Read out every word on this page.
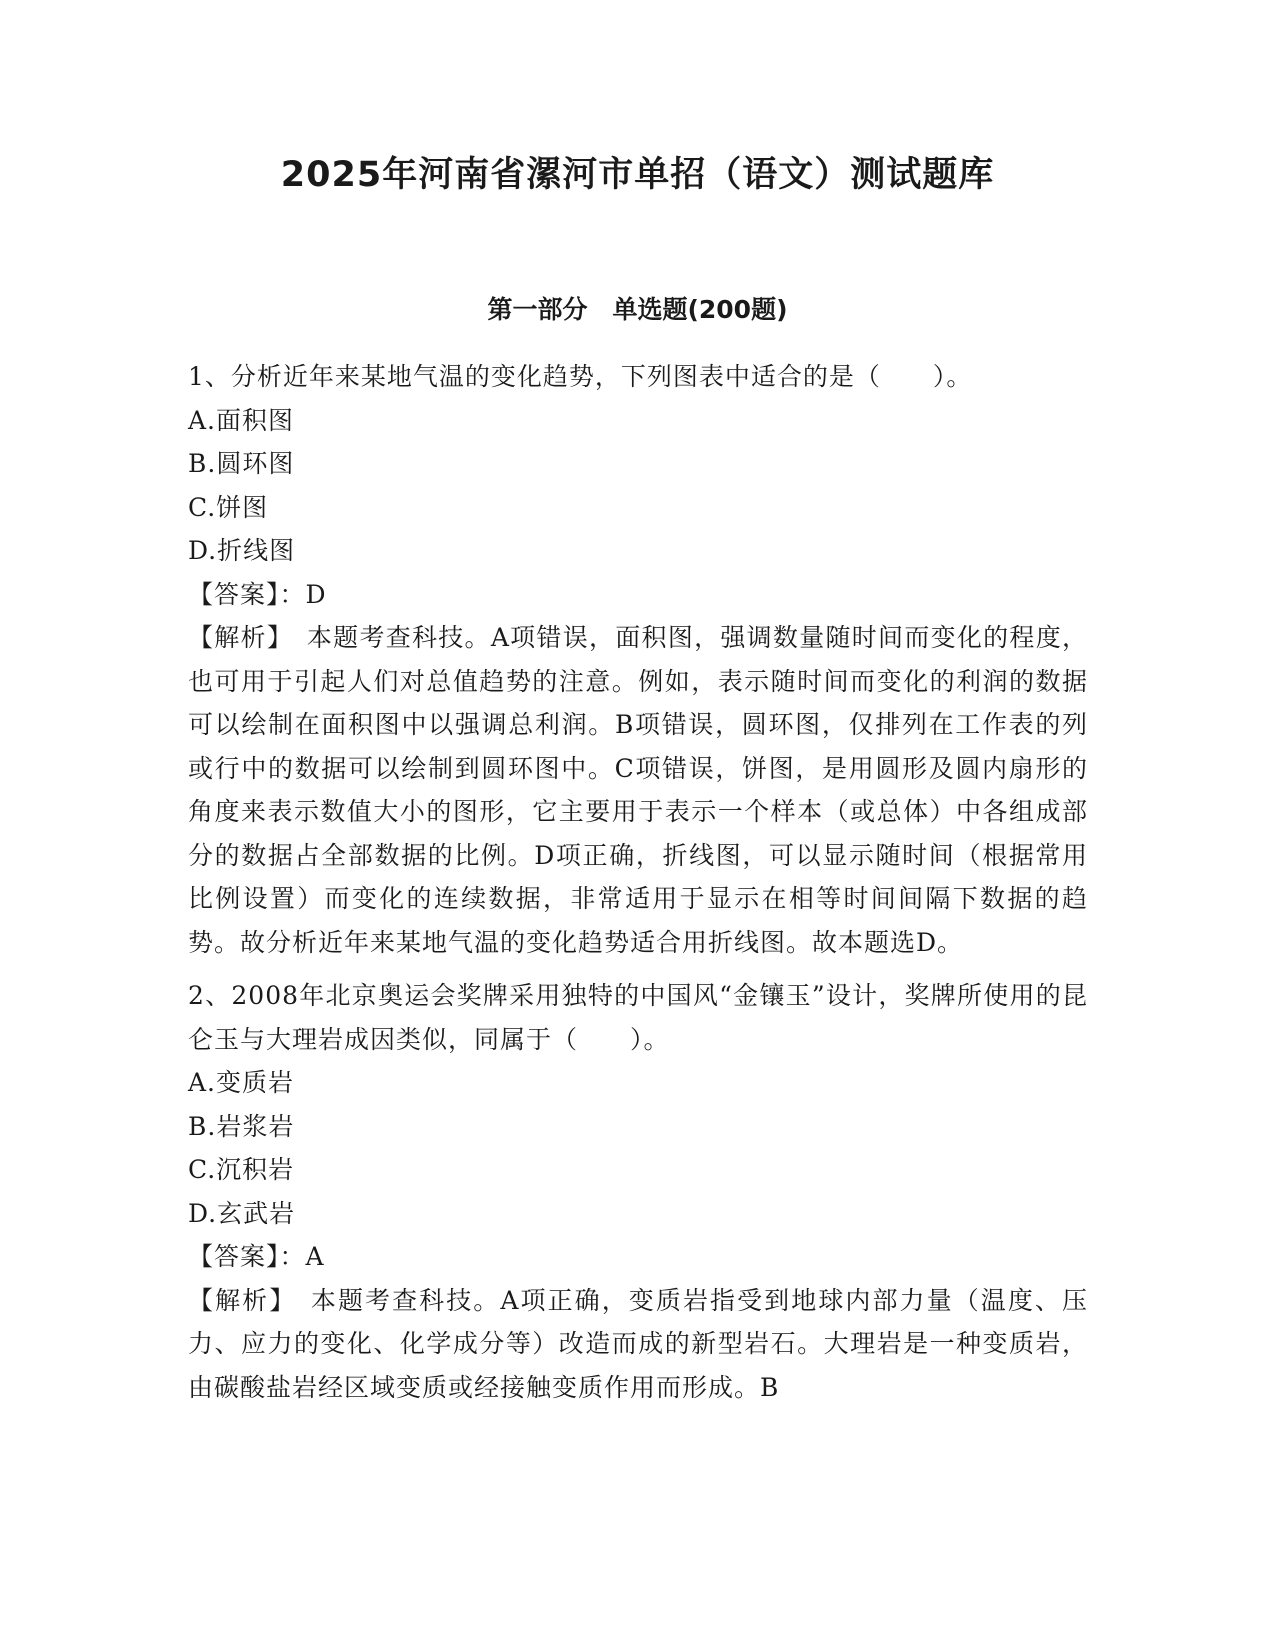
2025年河南省漯河市单招（语文）测试题库
第一部分　单选题(200题)

1、分析近年来某地气温的变化趋势，下列图表中适合的是（　　）。

A.面积图

B.圆环图

C.饼图

D.折线图

【答案】：D

【解析】　本题考查科技。A项错误，面积图，强调数量随时间而变化的程度，也可用于引起人们对总值趋势的注意。例如，表示随时间而变化的利润的数据可以绘制在面积图中以强调总利润。B项错误，圆环图，仅排列在工作表的列或行中的数据可以绘制到圆环图中。C项错误，饼图，是用圆形及圆内扇形的角度来表示数值大小的图形，它主要用于表示一个样本（或总体）中各组成部分的数据占全部数据的比例。D项正确，折线图，可以显示随时间（根据常用比例设置）而变化的连续数据，非常适用于显示在相等时间间隔下数据的趋势。故分析近年来某地气温的变化趋势适合用折线图。故本题选D。

2、2008年北京奥运会奖牌采用独特的中国风“金镶玉”设计，奖牌所使用的昆仑玉与大理岩成因类似，同属于（　　）。

A.变质岩

B.岩浆岩

C.沉积岩

D.玄武岩

【答案】：A

【解析】　本题考查科技。A项正确，变质岩指受到地球内部力量（温度、压力、应力的变化、化学成分等）改造而成的新型岩石。大理岩是一种变质岩，由碳酸盐岩经区域变质或经接触变质作用而形成。B
